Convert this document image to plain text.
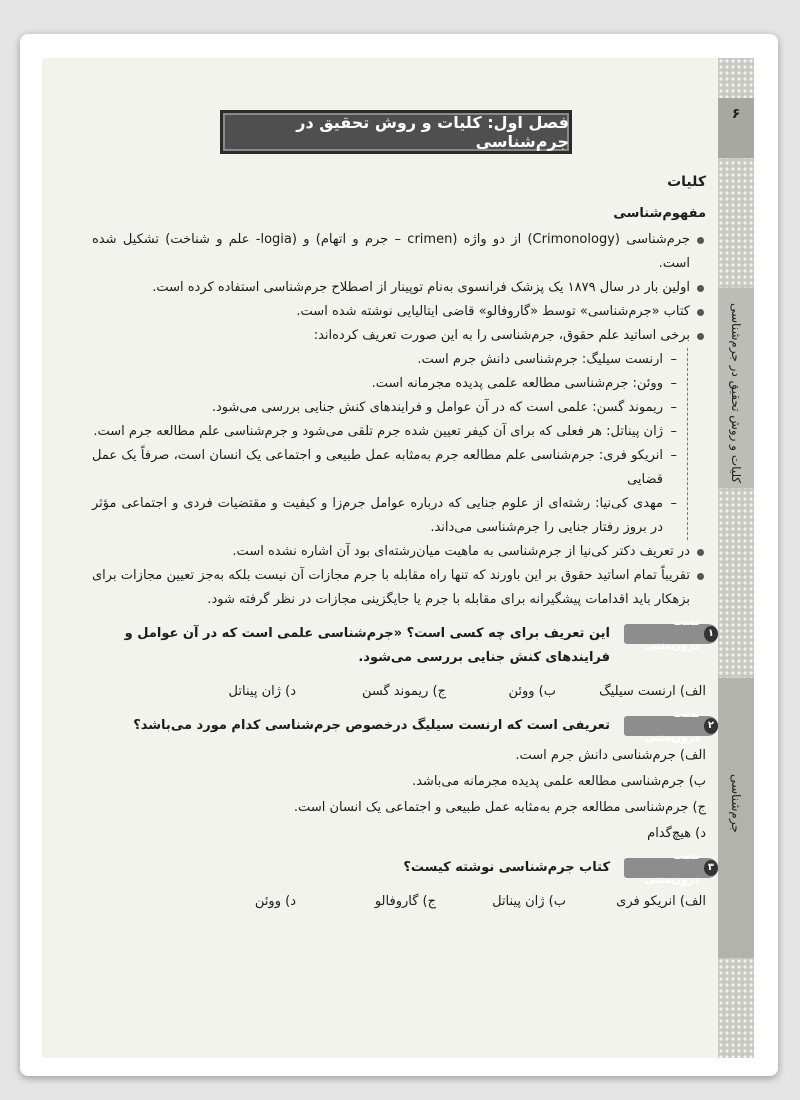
۶
کلیات و روش تحقیق در جرم‌شناسی
جرم‌شناسی
فصل اول: کلیات و روش تحقیق در جرم‌شناسی
کلیات
مفهوم‌شناسی
جرم‌شناسی (Crimonology) از دو واژه (crimen – جرم و اتهام) و (logia- علم و شناخت) تشکیل شده است.
اولین بار در سال ۱۸۷۹ یک پزشک فرانسوی به‌نام توپینار از اصطلاح جرم‌شناسی استفاده کرده است.
کتاب «جرم‌شناسی» توسط «گاروفالو» قاضی ایتالیایی نوشته شده است.
برخی اساتید علم حقوق، جرم‌شناسی را به این صورت تعریف کرده‌اند:
– ارنست سیلیگ: جرم‌شناسی دانش جرم است.
– ووئن: جرم‌شناسی مطالعه علمی پدیده مجرمانه است.
– ریموند گسن: علمی است که در آن عوامل و فرایندهای کنش جنایی بررسی می‌شود.
– ژان پیناتل: هر فعلی که برای آن کیفر تعیین شده جرم تلقی می‌شود و جرم‌شناسی علم مطالعه جرم است.
– انریکو فری: جرم‌شناسی علم مطالعه جرم به‌مثابه عمل طبیعی و اجتماعی یک انسان است، صرفاً یک عمل قضایی
– مهدی کی‌نیا: رشته‌ای از علوم جنایی که درباره عوامل جرم‌زا و کیفیت و مقتضیات فردی و اجتماعی مؤثر در بروز رفتار جنایی را جرم‌شناسی می‌داند.
در تعریف دکتر کی‌نیا از جرم‌شناسی به ماهیت میان‌رشته‌ای بود آن اشاره نشده است.
تقریباً تمام اساتید حقوق بر این باورند که تنها راه مقابله با جرم مجازات آن نیست بلکه به‌جز تعیین مجازات برای بزهکار باید اقدامات پیشگیرانه برای مقابله با جرم یا جایگزینی مجازات در نظر گرفته شود.
۱
تست درون‌متنی
این تعریف برای چه کسی است؟ «جرم‌شناسی علمی است که در آن عوامل و فرایندهای کنش جنایی بررسی می‌شود.
الف) ارنست سیلیگ
ب) ووئن
ج) ریموند گسن
د) ژان پیناتل
۲
تست درون‌متنی
تعریفی است که ارنست سیلیگ درخصوص جرم‌شناسی کدام مورد می‌باشد؟
الف) جرم‌شناسی دانش جرم است.
ب) جرم‌شناسی مطالعه علمی پدیده مجرمانه می‌باشد.
ج) جرم‌شناسی مطالعه جرم به‌مثابه عمل طبیعی و اجتماعی یک انسان است.
د) هیچ‌گدام
۳
تست درون‌متنی
کتاب جرم‌شناسی نوشته کیست؟
الف) انریکو فری
ب) ژان پیناتل
ج) گاروفالو
د) ووئن
